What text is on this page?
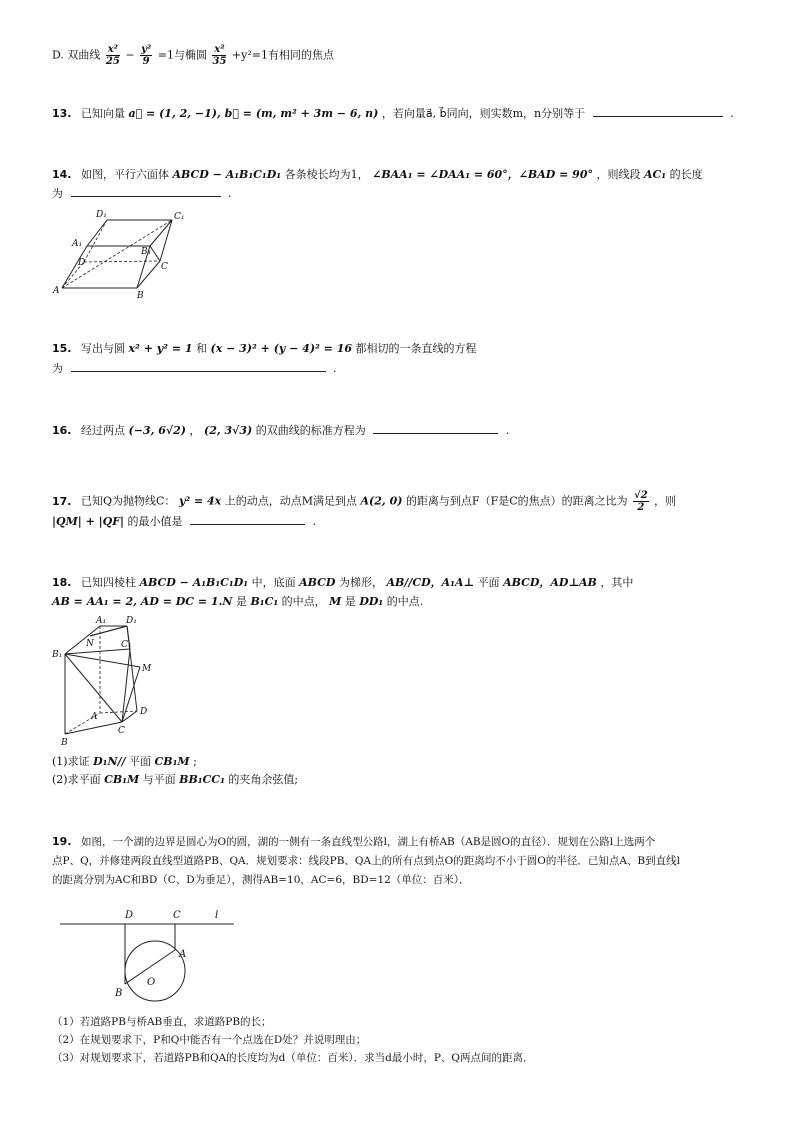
D. 双曲线 $\frac{\text{x²}}{25} - \frac{\text{y²}}{9} =1$与椭圆 $\frac{\text{x²}}{35} +y^2=1$有相同的焦点
13. 已知向量 a⃗ = (1, 2, −1), b⃗ = (m, m² + 3m − 6, n) ，若向量a⃗, b⃗同向，则实数m，n分别等于	.
14. 如图，平行六面体 ABCD − A₁B₁C₁D₁ 各条棱长均为1， ∠BAA₁ = ∠DAA₁ = 60°，∠BAD = 90° ，则线段 AC₁ 的长度
为	.
D₁	C₁
A₁
B₁
D	C
A	B
15. 写出与圆 x² + y² = 1 和 (x − 3)² + (y − 4)² = 16 都相切的一条直线的方程
为	.
16. 经过两点 (−3, 6√2) ， (2, 3√3) 的双曲线的标准方程为	.
17. 已知Q为抛物线C： y² = 4x 上的动点，动点M满足到点 A(2, 0) 的距离与到点F（F是C的焦点）的距离之比为 $\frac{√2}{2}$ ，则
|QM| + |QF| 的最小值是	.
18. 已知四棱柱 ABCD − A₁B₁C₁D₁ 中，底面 ABCD 为梯形， AB//CD，A₁A⊥ 平面 ABCD，AD⊥AB ，其中
AB = AA₁ = 2, AD = DC = 1.N 是 B₁C₁ 的中点， M 是 DD₁ 的中点.
A₁ D₁
N
B₁
C₁
M
A	D
C
B
(1)求证 D₁N// 平面 CB₁M ;
(2)求平面 CB₁M 与平面 BB₁CC₁ 的夹角余弦值;
19. 如图，一个湖的边界是圆心为O的圆，湖的一侧有一条直线型公路l，湖上有桥AB（AB是圆O的直径）．规划在公路l上选两个
点P、Q，并修建两段直线型道路PB、QA．规划要求：线段PB、QA上的所有点到点O的距离均不小于圆O的半径．已知点A、B到直线l
的距离分别为AC和BD（C、D为垂足），测得AB=10，AC=6，BD=12（单位：百米）．
D	C	l
A
O
B
（1）若道路PB与桥AB垂直，求道路PB的长；
（2）在规划要求下，P和Q中能否有一个点选在D处？并说明理由；
（3）对规划要求下，若道路PB和QA的长度均为d（单位：百米）．求当d最小时，P、Q两点间的距离．
